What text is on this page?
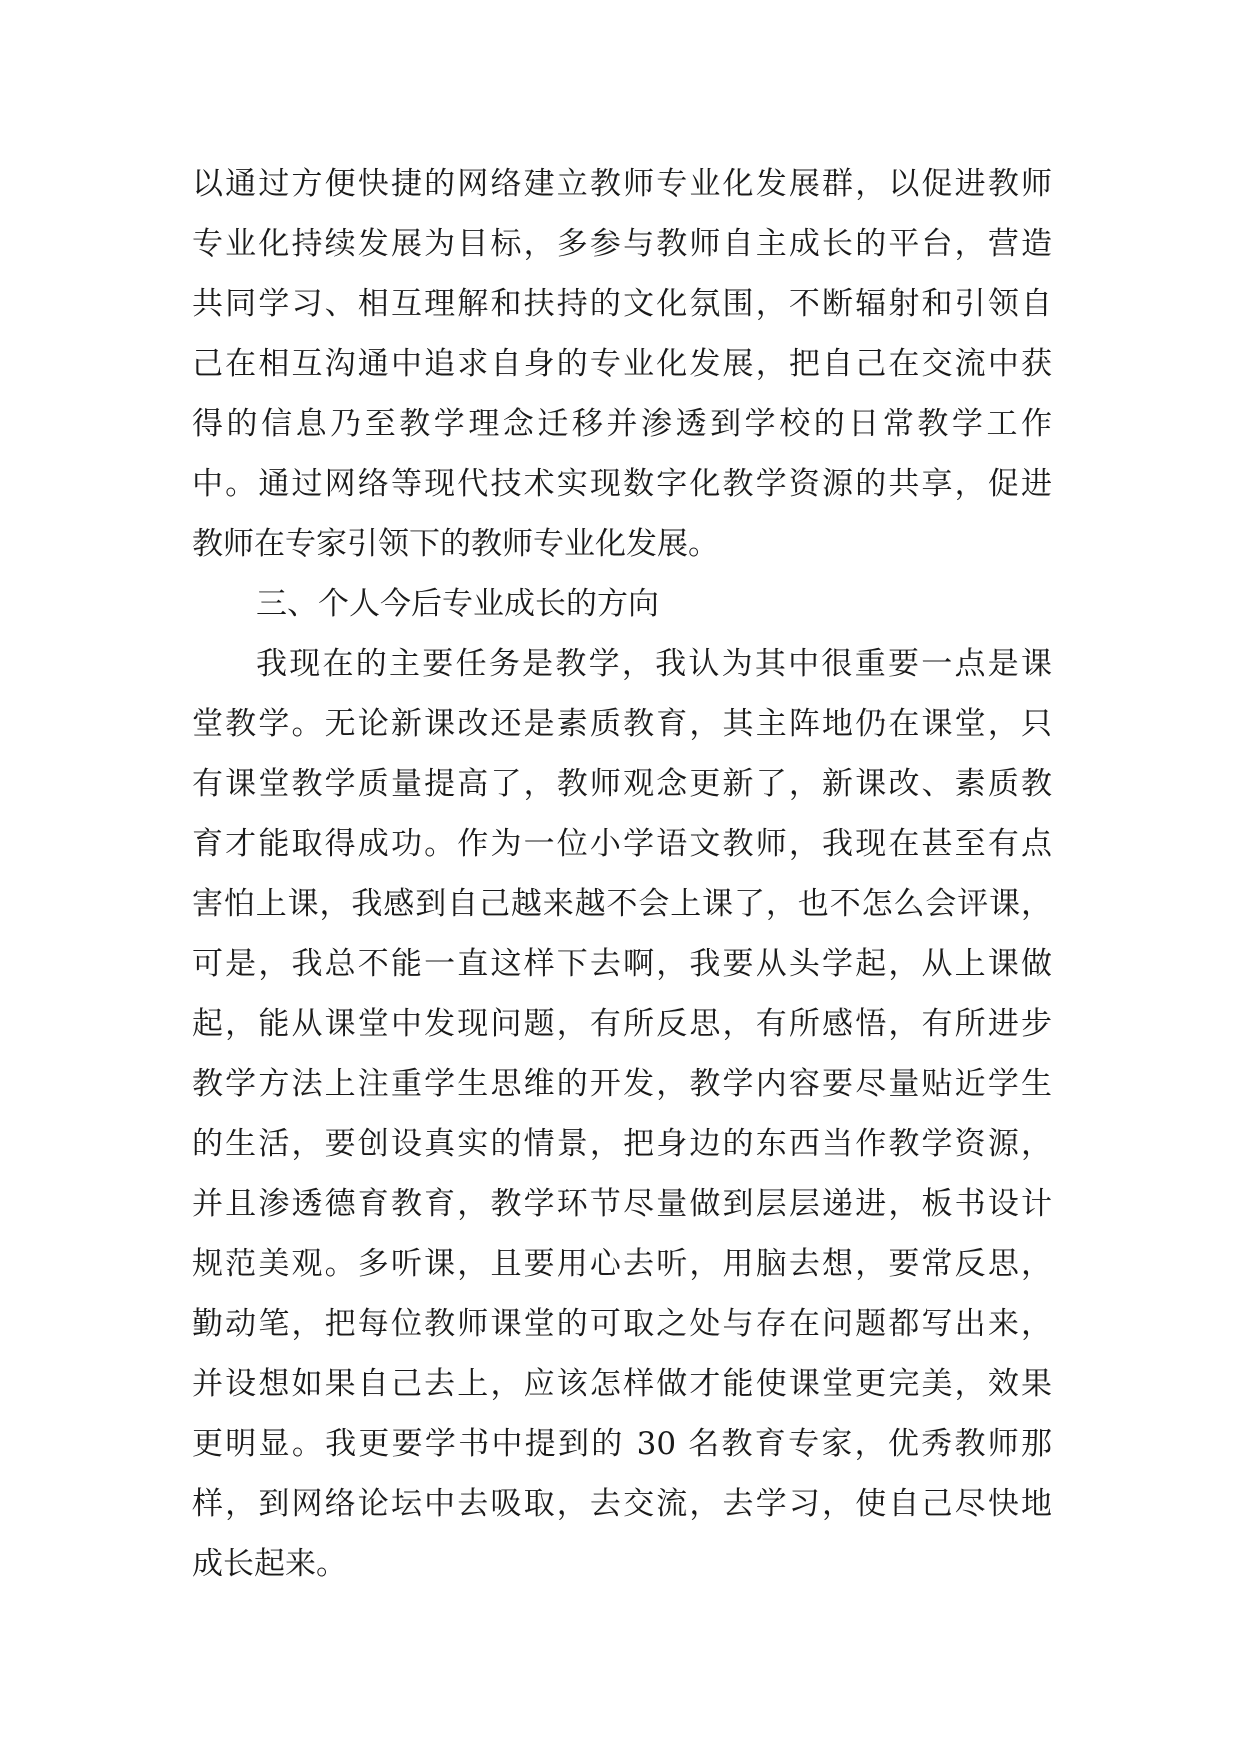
以通过方便快捷的网络建立教师专业化发展群，以促进教师
专业化持续发展为目标，多参与教师自主成长的平台，营造
共同学习、相互理解和扶持的文化氛围，不断辐射和引领自
己在相互沟通中追求自身的专业化发展，把自己在交流中获
得的信息乃至教学理念迁移并渗透到学校的日常教学工作
中。通过网络等现代技术实现数字化教学资源的共享，促进
教师在专家引领下的教师专业化发展。
三、个人今后专业成长的方向
我现在的主要任务是教学，我认为其中很重要一点是课
堂教学。无论新课改还是素质教育，其主阵地仍在课堂，只
有课堂教学质量提高了，教师观念更新了，新课改、素质教
育才能取得成功。作为一位小学语文教师，我现在甚至有点
害怕上课，我感到自己越来越不会上课了，也不怎么会评课，
可是，我总不能一直这样下去啊，我要从头学起，从上课做
起，能从课堂中发现问题，有所反思，有所感悟，有所进步
教学方法上注重学生思维的开发，教学内容要尽量贴近学生
的生活，要创设真实的情景，把身边的东西当作教学资源，
并且渗透德育教育，教学环节尽量做到层层递进，板书设计
规范美观。多听课，且要用心去听，用脑去想，要常反思，
勤动笔，把每位教师课堂的可取之处与存在问题都写出来，
并设想如果自己去上，应该怎样做才能使课堂更完美，效果
更明显。我更要学书中提到的 30 名教育专家，优秀教师那
样，到网络论坛中去吸取，去交流，去学习，使自己尽快地
成长起来。
